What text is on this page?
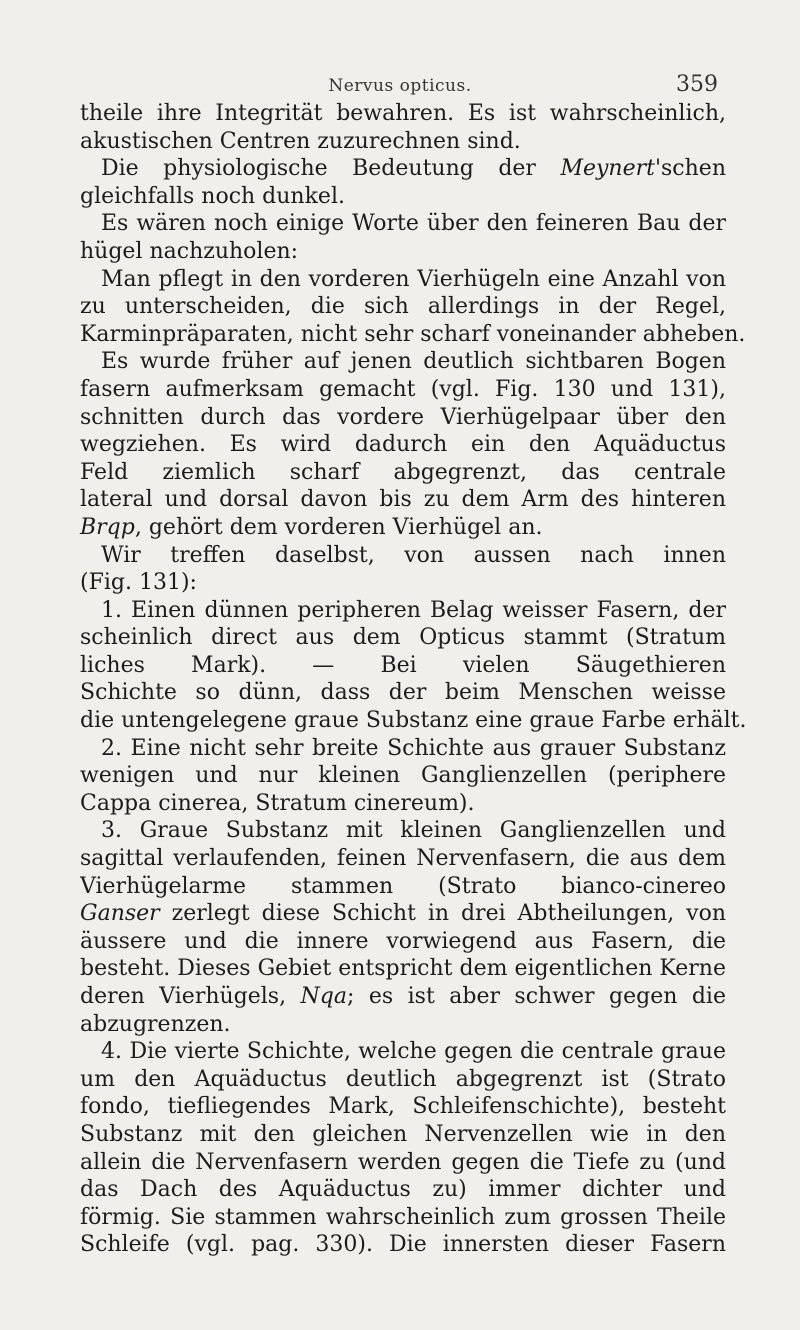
Nervus opticus.	359
theile ihre Integrität bewahren. Es ist wahrscheinlich,
akustischen Centren zuzurechnen sind.
Die physiologische Bedeutung der Meynert'schen
gleichfalls noch dunkel.
Es wären noch einige Worte über den feineren Bau der
hügel nachzuholen:
Man pflegt in den vorderen Vierhügeln eine Anzahl von
zu unterscheiden, die sich allerdings in der Regel,
Karminpräparaten, nicht sehr scharf voneinander abheben.
Es wurde früher auf jenen deutlich sichtbaren Bogen
fasern aufmerksam gemacht (vgl. Fig. 130 und 131),
schnitten durch das vordere Vierhügelpaar über den
wegziehen. Es wird dadurch ein den Aquäductus
Feld ziemlich scharf abgegrenzt, das centrale
lateral und dorsal davon bis zu dem Arm des hinteren
Brqp, gehört dem vorderen Vierhügel an.
Wir treffen daselbst, von aussen nach innen
(Fig. 131):
1. Einen dünnen peripheren Belag weisser Fasern, der
scheinlich direct aus dem Opticus stammt (Stratum
liches Mark). — Bei vielen Säugethieren
Schichte so dünn, dass der beim Menschen weisse
die untengelegene graue Substanz eine graue Farbe erhält.
2. Eine nicht sehr breite Schichte aus grauer Substanz
wenigen und nur kleinen Ganglienzellen (periphere
Cappa cinerea, Stratum cinereum).
3. Graue Substanz mit kleinen Ganglienzellen und
sagittal verlaufenden, feinen Nervenfasern, die aus dem
Vierhügelarme stammen (Strato bianco-cinereo
Ganser zerlegt diese Schicht in drei Abtheilungen, von
äussere und die innere vorwiegend aus Fasern, die
besteht. Dieses Gebiet entspricht dem eigentlichen Kerne
deren Vierhügels, Nqa; es ist aber schwer gegen die
abzugrenzen.
4. Die vierte Schichte, welche gegen die centrale graue
um den Aquäductus deutlich abgegrenzt ist (Strato
fondo, tiefliegendes Mark, Schleifenschichte), besteht
Substanz mit den gleichen Nervenzellen wie in den
allein die Nervenfasern werden gegen die Tiefe zu (und
das Dach des Aquäductus zu) immer dichter und
förmig. Sie stammen wahrscheinlich zum grossen Theile
Schleife (vgl. pag. 330). Die innersten dieser Fasern
